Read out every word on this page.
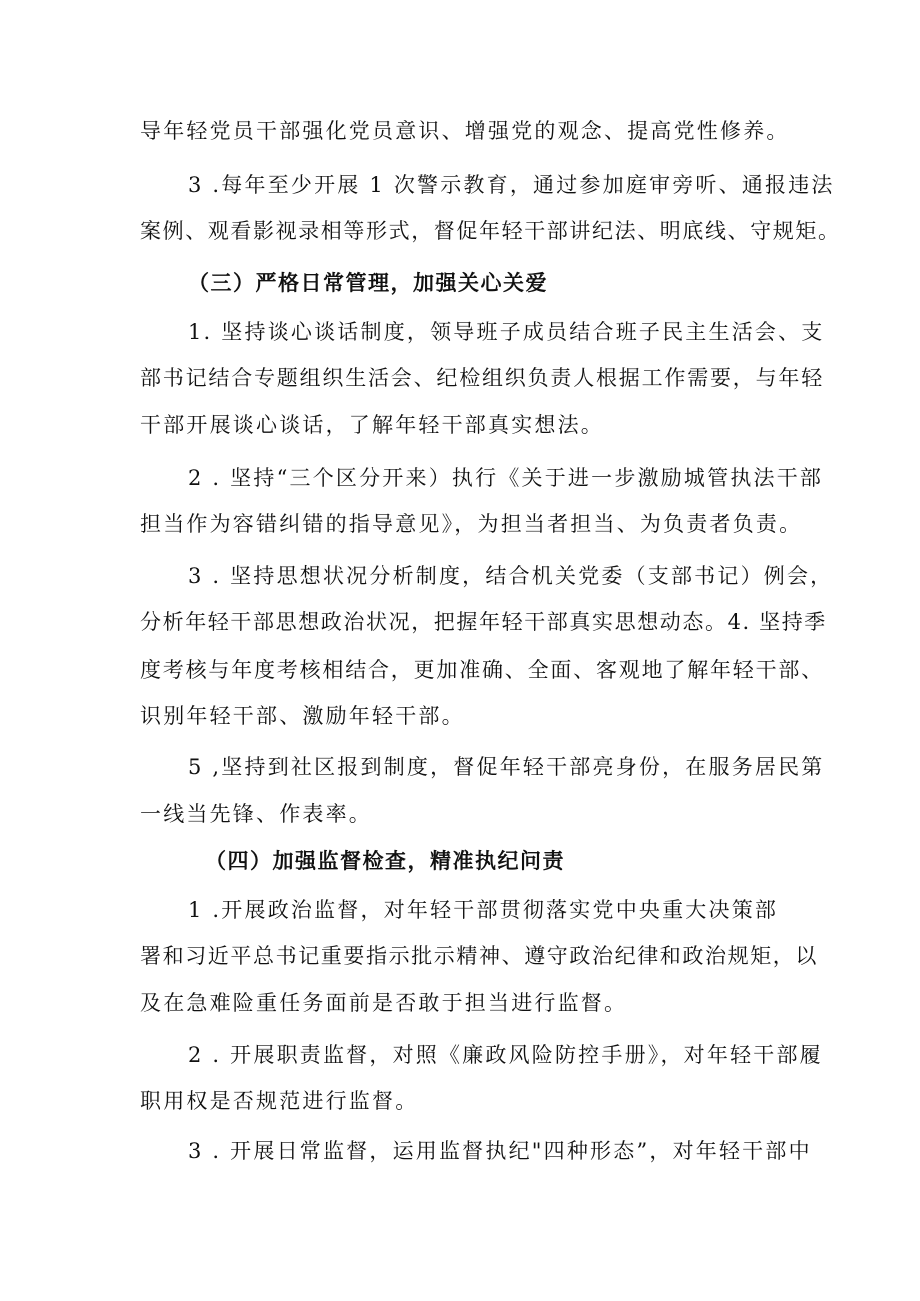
导年轻党员干部强化党员意识、增强党的观念、提高党性修养。
3 .每年至少开展 1 次警示教育，通过参加庭审旁听、通报违法
案例、观看影视录相等形式，督促年轻干部讲纪法、明底线、守规矩。
（三）严格日常管理，加强关心关爱
1. 坚持谈心谈话制度，领导班子成员结合班子民主生活会、支
部书记结合专题组织生活会、纪检组织负责人根据工作需要，与年轻
干部开展谈心谈话，了解年轻干部真实想法。
2 . 坚持“三个区分开来）执行《关于进一步激励城管执法干部
担当作为容错纠错的指导意见》，为担当者担当、为负责者负责。
3 . 坚持思想状况分析制度，结合机关党委（支部书记）例会，
分析年轻干部思想政治状况，把握年轻干部真实思想动态。4. 坚持季
度考核与年度考核相结合，更加准确、全面、客观地了解年轻干部、
识别年轻干部、激励年轻干部。
5 ,坚持到社区报到制度，督促年轻干部亮身份，在服务居民第
一线当先锋、作表率。
（四）加强监督检查，精准执纪问责
1 .开展政治监督，对年轻干部贯彻落实党中央重大决策部
署和习近平总书记重要指示批示精神、遵守政治纪律和政治规矩，以
及在急难险重任务面前是否敢于担当进行监督。
2 . 开展职责监督，对照《廉政风险防控手册》，对年轻干部履
职用权是否规范进行监督。
3 . 开展日常监督，运用监督执纪"四种形态”，对年轻干部中
